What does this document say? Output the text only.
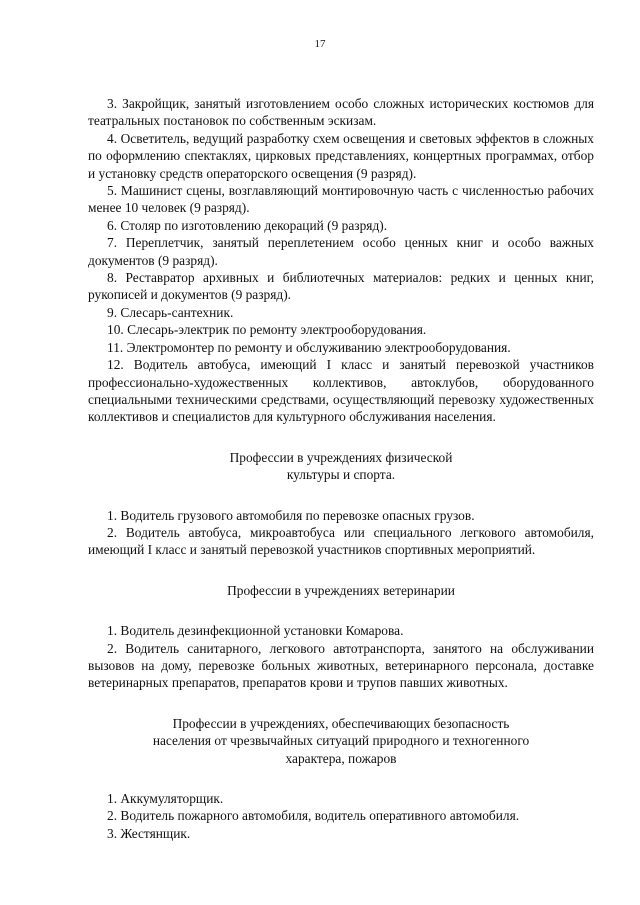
17

3. Закройщик, занятый изготовлением особо сложных исторических костюмов для театральных постановок по собственным эскизам.

4. Осветитель, ведущий разработку схем освещения и световых эффектов в сложных по оформлению спектаклях, цирковых представлениях, концертных программах, отбор и установку средств операторского освещения (9 разряд).

5. Машинист сцены, возглавляющий монтировочную часть с численностью рабочих менее 10 человек (9 разряд).

6. Столяр по изготовлению декораций (9 разряд).

7. Переплетчик, занятый переплетением особо ценных книг и особо важных документов (9 разряд).

8. Реставратор архивных и библиотечных материалов: редких и ценных книг, рукописей и документов (9 разряд).

9. Слесарь-сантехник.

10. Слесарь-электрик по ремонту электрооборудования.

11. Электромонтер по ремонту и обслуживанию электрооборудования.

12. Водитель автобуса, имеющий I класс и занятый перевозкой участников профессионально-художественных коллективов, автоклубов, оборудованного специальными техническими средствами, осуществляющий перевозку художественных коллективов и специалистов для культурного обслуживания населения.

Профессии в учреждениях физической
культуры и спорта.

1. Водитель грузового автомобиля по перевозке опасных грузов.

2. Водитель автобуса, микроавтобуса или специального легкового автомобиля, имеющий I класс и занятый перевозкой участников спортивных мероприятий.

Профессии в учреждениях ветеринарии

1. Водитель дезинфекционной установки Комарова.

2. Водитель санитарного, легкового автотранспорта, занятого на обслуживании вызовов на дому, перевозке больных животных, ветеринарного персонала, доставке ветеринарных препаратов, препаратов крови и трупов павших животных.

Профессии в учреждениях, обеспечивающих безопасность
населения от чрезвычайных ситуаций природного и техногенного
характера, пожаров

1. Аккумуляторщик.

2. Водитель пожарного автомобиля, водитель оперативного автомобиля.

3. Жестянщик.
